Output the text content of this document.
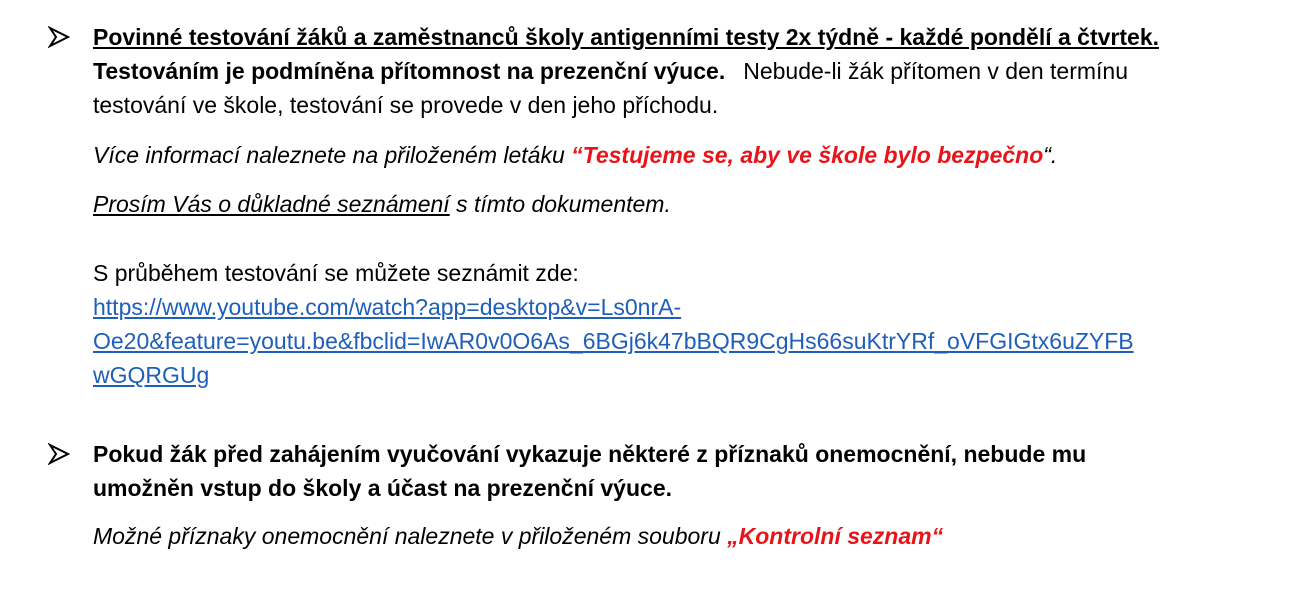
Povinné testování žáků a zaměstnanců školy antigenními testy 2x týdně - každé pondělí a čtvrtek.
Testováním je podmíněna přítomnost na prezenční výuce. Nebude-li žák přítomen v den termínu
testování ve škole, testování se provede v den jeho příchodu.
Více informací naleznete na přiloženém letáku “Testujeme se, aby ve škole bylo bezpečno“.
Prosím Vás o důkladné seznámení s tímto dokumentem.
S průběhem testování se můžete seznámit zde:
https://www.youtube.com/watch?app=desktop&v=Ls0nrA-
Oe20&feature=youtu.be&fbclid=IwAR0v0O6As_6BGj6k47bBQR9CgHs66suKtrYRf_oVFGIGtx6uZYFB
wGQRGUg
Pokud žák před zahájením vyučování vykazuje některé z příznaků onemocnění, nebude mu
umožněn vstup do školy a účast na prezenční výuce.
Možné příznaky onemocnění naleznete v přiloženém souboru „Kontrolní seznam“
